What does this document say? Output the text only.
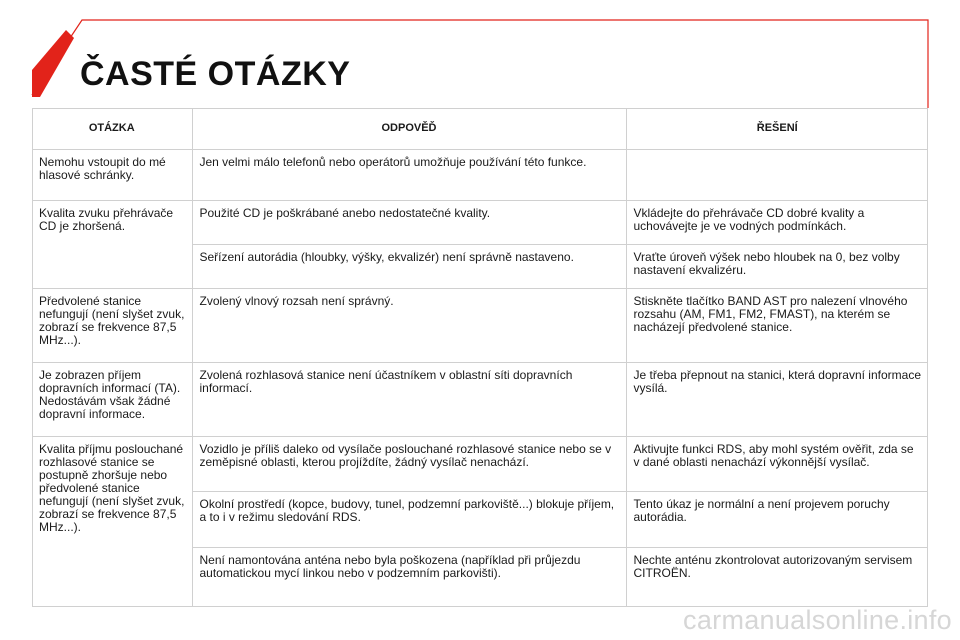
ČASTÉ OTÁZKY
OTÁZKA	ODPOVĚĎ	ŘEŠENÍ
Nemohu vstoupit do mé hlasové schránky.	Jen velmi málo telefonů nebo operátorů umožňuje používání této funkce.	
Kvalita zvuku přehrávače CD je zhoršená.	Použité CD je poškrábané anebo nedostatečné kvality.	Vkládejte do přehrávače CD dobré kvality a uchovávejte je ve vodných podmínkách.
	Seřízení autorádia (hloubky, výšky, ekvalizér) není správně nastaveno.	Vraťte úroveň výšek nebo hloubek na 0, bez volby nastavení ekvalizéru.
Předvolené stanice nefungují (není slyšet zvuk, zobrazí se frekvence 87,5 MHz...).	Zvolený vlnový rozsah není správný.	Stiskněte tlačítko BAND AST pro nalezení vlnového rozsahu (AM, FM1, FM2, FMAST), na kterém se nacházejí předvolené stanice.
Je zobrazen příjem dopravních informací (TA). Nedostávám však žádné dopravní informace.	Zvolená rozhlasová stanice není účastníkem v oblastní síti dopravních informací.	Je třeba přepnout na stanici, která dopravní informace vysílá.
Kvalita příjmu poslouchané rozhlasové stanice se postupně zhoršuje nebo předvolené stanice nefungují (není slyšet zvuk, zobrazí se frekvence 87,5 MHz...).	Vozidlo je příliš daleko od vysílače poslouchané rozhlasové stanice nebo se v zeměpisné oblasti, kterou projíždíte, žádný vysílač nenachází.	Aktivujte funkci RDS, aby mohl systém ověřit, zda se v dané oblasti nenachází výkonnější vysílač.
	Okolní prostředí (kopce, budovy, tunel, podzemní parkoviště...) blokuje příjem, a to i v režimu sledování RDS.	Tento úkaz je normální a není projevem poruchy autorádia.
	Není namontována anténa nebo byla poškozena (například při průjezdu automatickou mycí linkou nebo v podzemním parkovišti).	Nechte anténu zkontrolovat autorizovaným servisem CITROËN.
carmanualsonline.info
